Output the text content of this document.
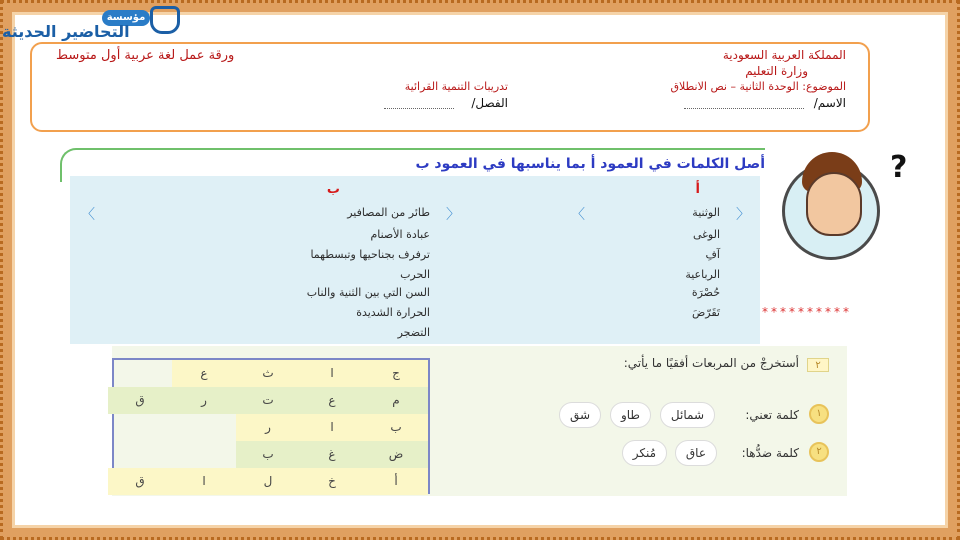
مؤسسة
التحاضير الحديثة
المملكة العربية السعودية
وزارة التعليم
ورقة عمل لغة عربية أول متوسط
الموضوع: الوحدة الثانية – نص الانطلاق
تدريبات التنمية القرائية
الاسم/
الفصل/
أصل الكلمات في العمود أ بما يناسبها في العمود ب
أ
ب
الوثنية
الوغى
آفِ
الرباعية
حُصْرَة
تَقَرّضَ
طائر من المصافير
عبادة الأصنام
ترفرف بجناحيها وتبسطهما
الحرب
السن التي بين الثنية والناب
الحرارة الشديدة
التضجر
〈
〉
〈
〉
?
**********
ج
ا
ث
ع
م
ع
ت
ر
ق
ب
ا
ر
ض
غ
ب
أ
خ
ل
ا
ق
٢
أستخرجْ من المربعات أفقيًا ما يأتي:
١
كلمة تعني:
شمائل
طاو
شق
٢
كلمة ضدُّها:
عاق
مُنكر
